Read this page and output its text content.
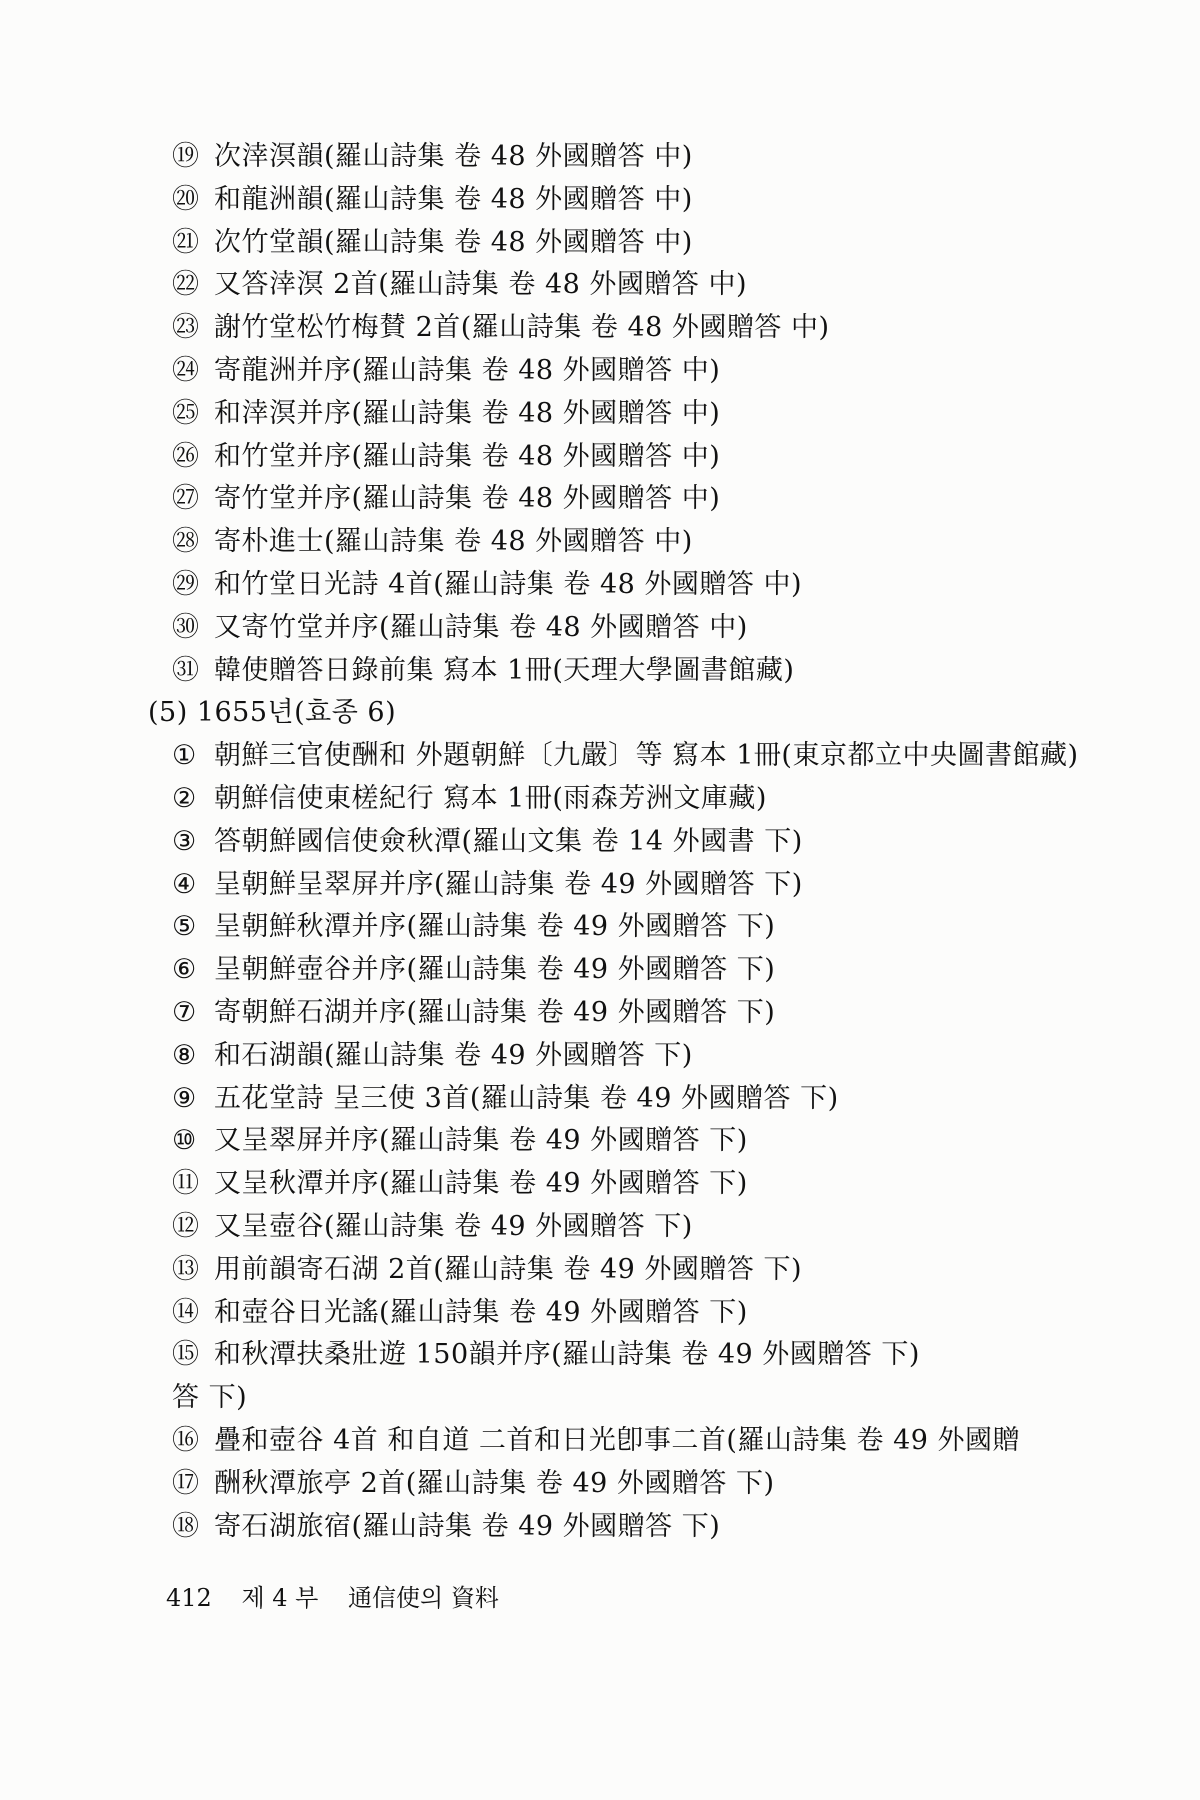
⑲ 次涬溟韻(羅山詩集 卷 48 外國贈答 中)
⑳ 和龍洲韻(羅山詩集 卷 48 外國贈答 中)
㉑ 次竹堂韻(羅山詩集 卷 48 外國贈答 中)
㉒ 又答涬溟 2首(羅山詩集 卷 48 外國贈答 中)
㉓ 謝竹堂松竹梅賛 2首(羅山詩集 卷 48 外國贈答 中)
㉔ 寄龍洲并序(羅山詩集 卷 48 外國贈答 中)
㉕ 和涬溟并序(羅山詩集 卷 48 外國贈答 中)
㉖ 和竹堂并序(羅山詩集 卷 48 外國贈答 中)
㉗ 寄竹堂并序(羅山詩集 卷 48 外國贈答 中)
㉘ 寄朴進士(羅山詩集 卷 48 外國贈答 中)
㉙ 和竹堂日光詩 4首(羅山詩集 卷 48 外國贈答 中)
㉚ 又寄竹堂并序(羅山詩集 卷 48 外國贈答 中)
㉛ 韓使贈答日錄前集 寫本 1冊(天理大學圖書館藏)
(5) 1655년(효종 6)
① 朝鮮三官使酬和 外題朝鮮〔九嚴〕等 寫本 1冊(東京都立中央圖書館藏)
② 朝鮮信使東槎紀行 寫本 1冊(雨森芳洲文庫藏)
③ 答朝鮮國信使僉秋潭(羅山文集 卷 14 外國書 下)
④ 呈朝鮮呈翠屏并序(羅山詩集 卷 49 外國贈答 下)
⑤ 呈朝鮮秋潭并序(羅山詩集 卷 49 外國贈答 下)
⑥ 呈朝鮮壺谷并序(羅山詩集 卷 49 外國贈答 下)
⑦ 寄朝鮮石湖并序(羅山詩集 卷 49 外國贈答 下)
⑧ 和石湖韻(羅山詩集 卷 49 外國贈答 下)
⑨ 五花堂詩 呈三使 3首(羅山詩集 卷 49 外國贈答 下)
⑩ 又呈翠屏并序(羅山詩集 卷 49 外國贈答 下)
⑪ 又呈秋潭并序(羅山詩集 卷 49 外國贈答 下)
⑫ 又呈壺谷(羅山詩集 卷 49 外國贈答 下)
⑬ 用前韻寄石湖 2首(羅山詩集 卷 49 外國贈答 下)
⑭ 和壺谷日光謠(羅山詩集 卷 49 外國贈答 下)
⑮ 和秋潭扶桑壯遊 150韻并序(羅山詩集 卷 49 外國贈答 下)
答 下)
⑯ 疊和壺谷 4首 和自道 二首和日光卽事二首(羅山詩集 卷 49 外國贈
⑰ 酬秋潭旅亭 2首(羅山詩集 卷 49 外國贈答 下)
⑱ 寄石湖旅宿(羅山詩集 卷 49 外國贈答 下)
412 제 4 부 通信使의 資料
